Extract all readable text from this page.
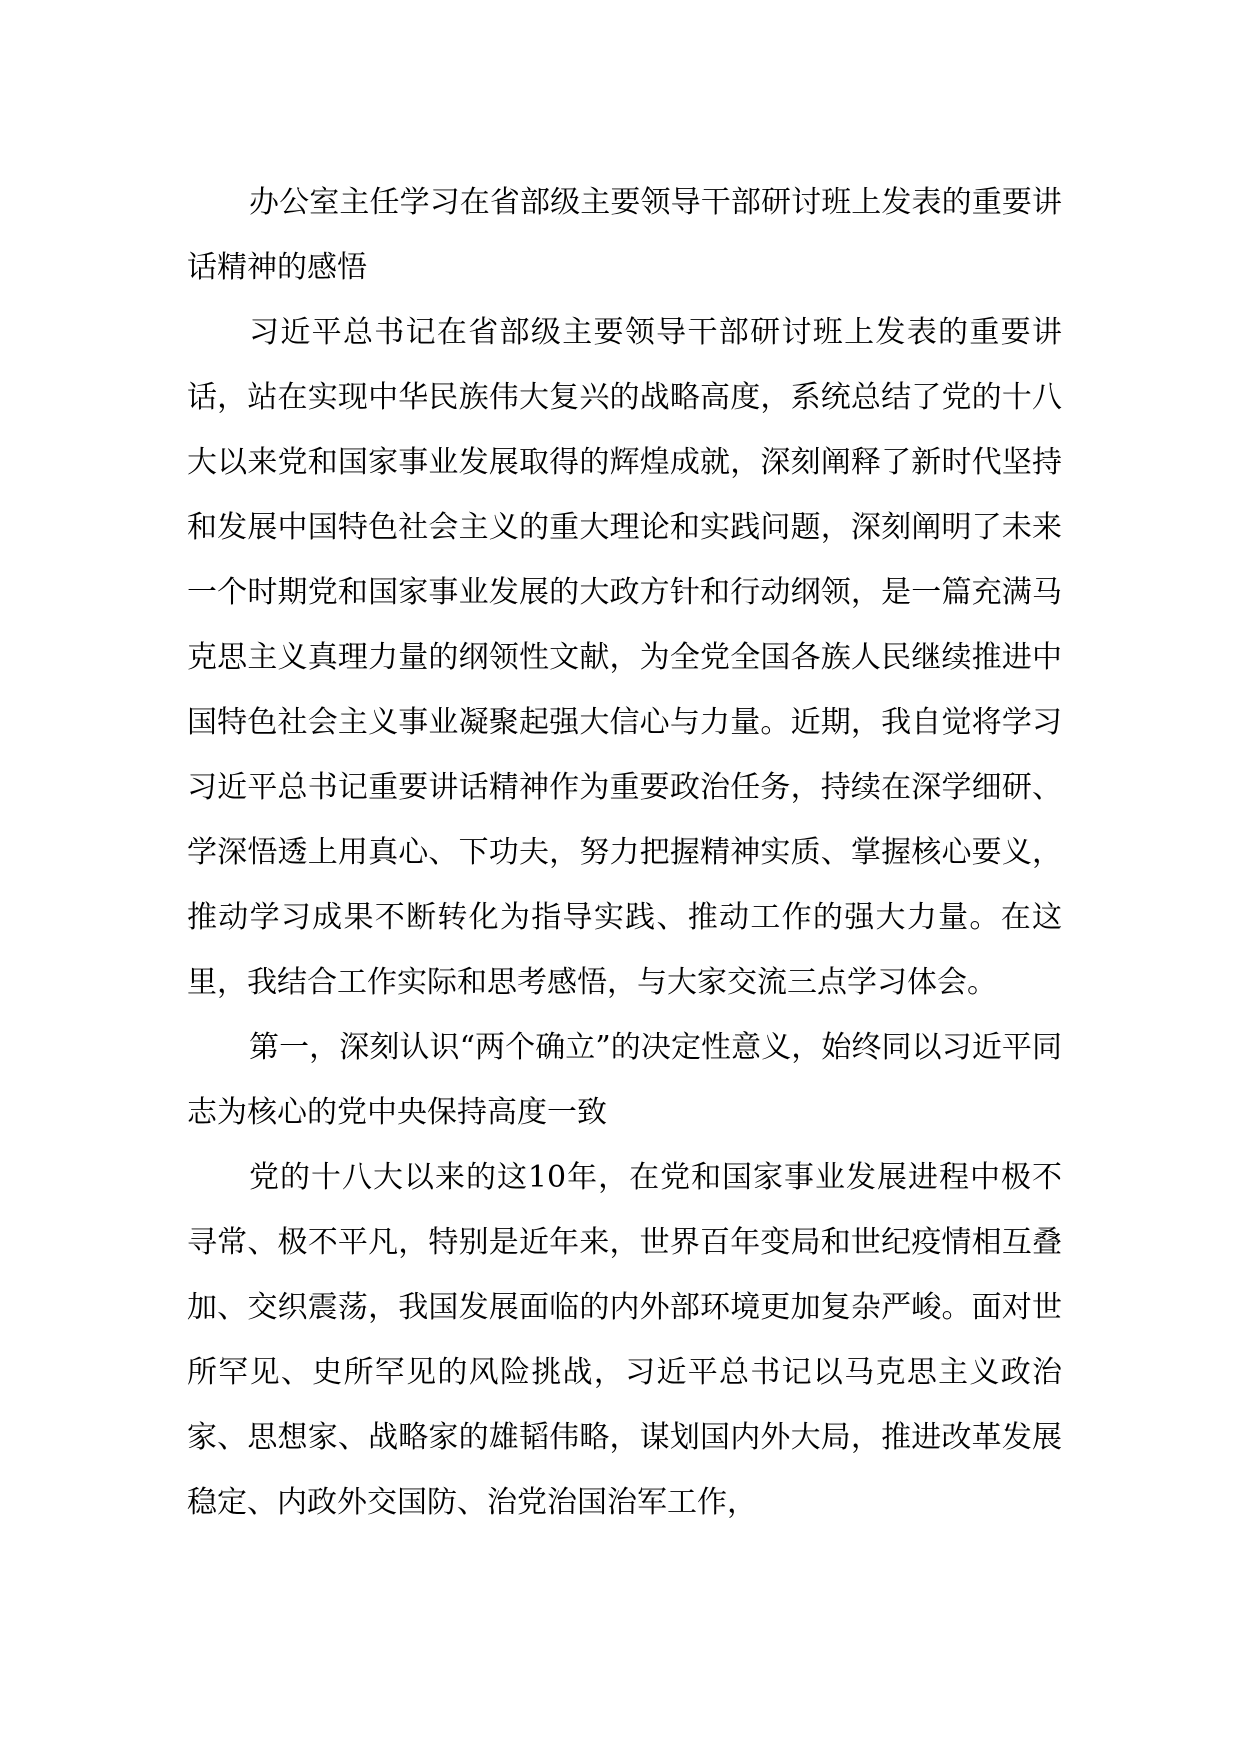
办公室主任学习在省部级主要领导干部研讨班上发表的重要讲话精神的感悟

习近平总书记在省部级主要领导干部研讨班上发表的重要讲话，站在实现中华民族伟大复兴的战略高度，系统总结了党的十八大以来党和国家事业发展取得的辉煌成就，深刻阐释了新时代坚持和发展中国特色社会主义的重大理论和实践问题，深刻阐明了未来一个时期党和国家事业发展的大政方针和行动纲领，是一篇充满马克思主义真理力量的纲领性文献，为全党全国各族人民继续推进中国特色社会主义事业凝聚起强大信心与力量。近期，我自觉将学习习近平总书记重要讲话精神作为重要政治任务，持续在深学细研、学深悟透上用真心、下功夫，努力把握精神实质、掌握核心要义，推动学习成果不断转化为指导实践、推动工作的强大力量。在这里，我结合工作实际和思考感悟，与大家交流三点学习体会。

第一，深刻认识“两个确立”的决定性意义，始终同以习近平同志为核心的党中央保持高度一致

党的十八大以来的这10年，在党和国家事业发展进程中极不寻常、极不平凡，特别是近年来，世界百年变局和世纪疫情相互叠加、交织震荡，我国发展面临的内外部环境更加复杂严峻。面对世所罕见、史所罕见的风险挑战，习近平总书记以马克思主义政治家、思想家、战略家的雄韬伟略，谋划国内外大局，推进改革发展稳定、内政外交国防、治党治国治军工作，
